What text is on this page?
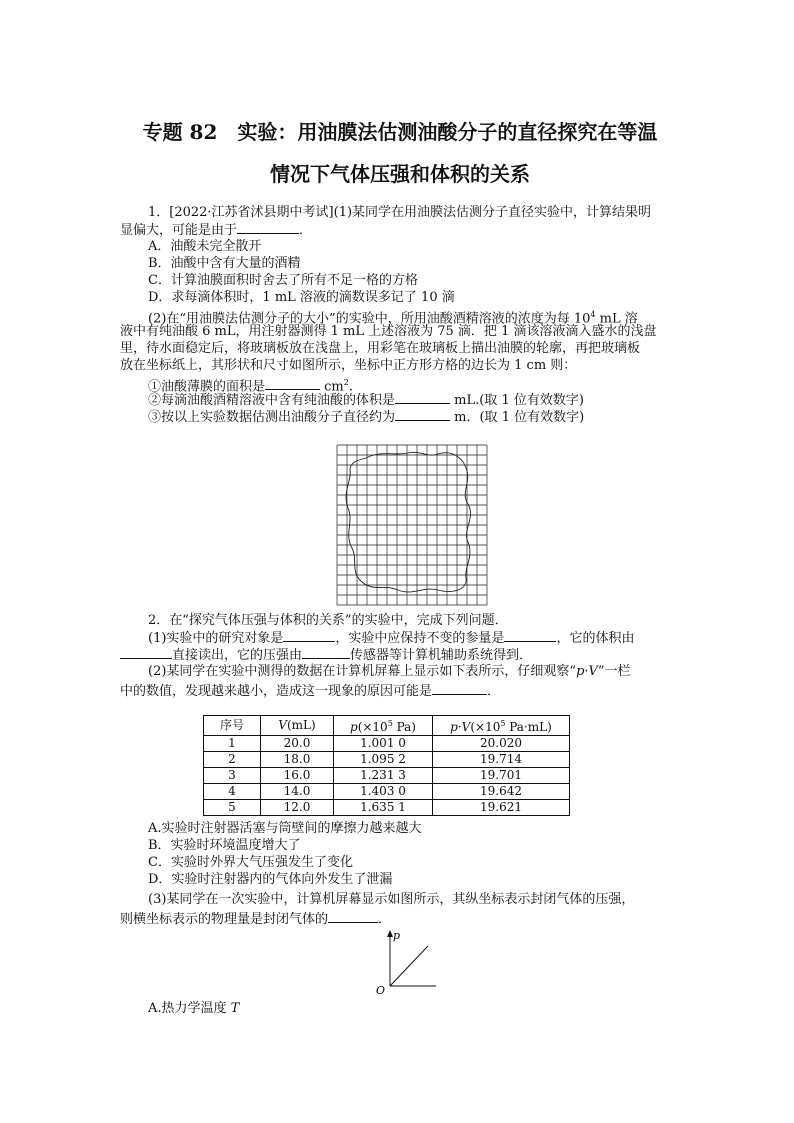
专题 82　实验：用油膜法估测油酸分子的直径探究在等温
情况下气体压强和体积的关系
1．[2022·江苏省沭县期中考试](1)某同学在用油膜法估测分子直径实验中，计算结果明
显偏大，可能是由于	．
A．油酸未完全散开
B．油酸中含有大量的酒精
C．计算油膜面积时舍去了所有不足一格的方格
D．求每滴体积时，1 mL 溶液的滴数误多记了 10 滴
(2)在“用油膜法估测分子的大小”的实验中，所用油酸酒精溶液的浓度为每 $10^4$ mL 溶
液中有纯油酸 6 mL，用注射器测得 1 mL 上述溶液为 75 滴．把 1 滴该溶液滴入盛水的浅盘
里，待水面稳定后，将玻璃板放在浅盘上，用彩笔在玻璃板上描出油膜的轮廓，再把玻璃板
放在坐标纸上，其形状和尺寸如图所示，坐标中正方形方格的边长为 1 cm 则：
①油酸薄膜的面积是	$cm^2$.
②每滴油酸酒精溶液中含有纯油酸的体积是	mL.(取 1 位有效数字)
③按以上实验数据估测出油酸分子直径约为	m．(取 1 位有效数字)
2．在“探究气体压强与体积的关系”的实验中，完成下列问题．
(1)实验中的研究对象是	，实验中应保持不变的参量是	，它的体积由
直接读出，它的压强由	传感器等计算机辅助系统得到．
(2)某同学在实验中测得的数据在计算机屏幕上显示如下表所示，仔细观察“p·V”一栏
中的数值，发现越来越小，造成这一现象的原因可能是	．
序号	V(mL)	$p(\times 10^5$ Pa)	$p\cdot V(\times 10^5$ Pa·mL)
1	20.0	1.001 0	20.020
2	18.0	1.095 2	19.714
3	16.0	1.231 3	19.701
4	14.0	1.403 0	19.642
5	12.0	1.635 1	19.621
A.实验时注射器活塞与筒壁间的摩擦力越来越大
B．实验时环境温度增大了
C．实验时外界大气压强发生了变化
D．实验时注射器内的气体向外发生了泄漏
(3)某同学在一次实验中，计算机屏幕显示如图所示，其纵坐标表示封闭气体的压强，
则横坐标表示的物理量是封闭气体的	．
p
O
A.热力学温度 T
